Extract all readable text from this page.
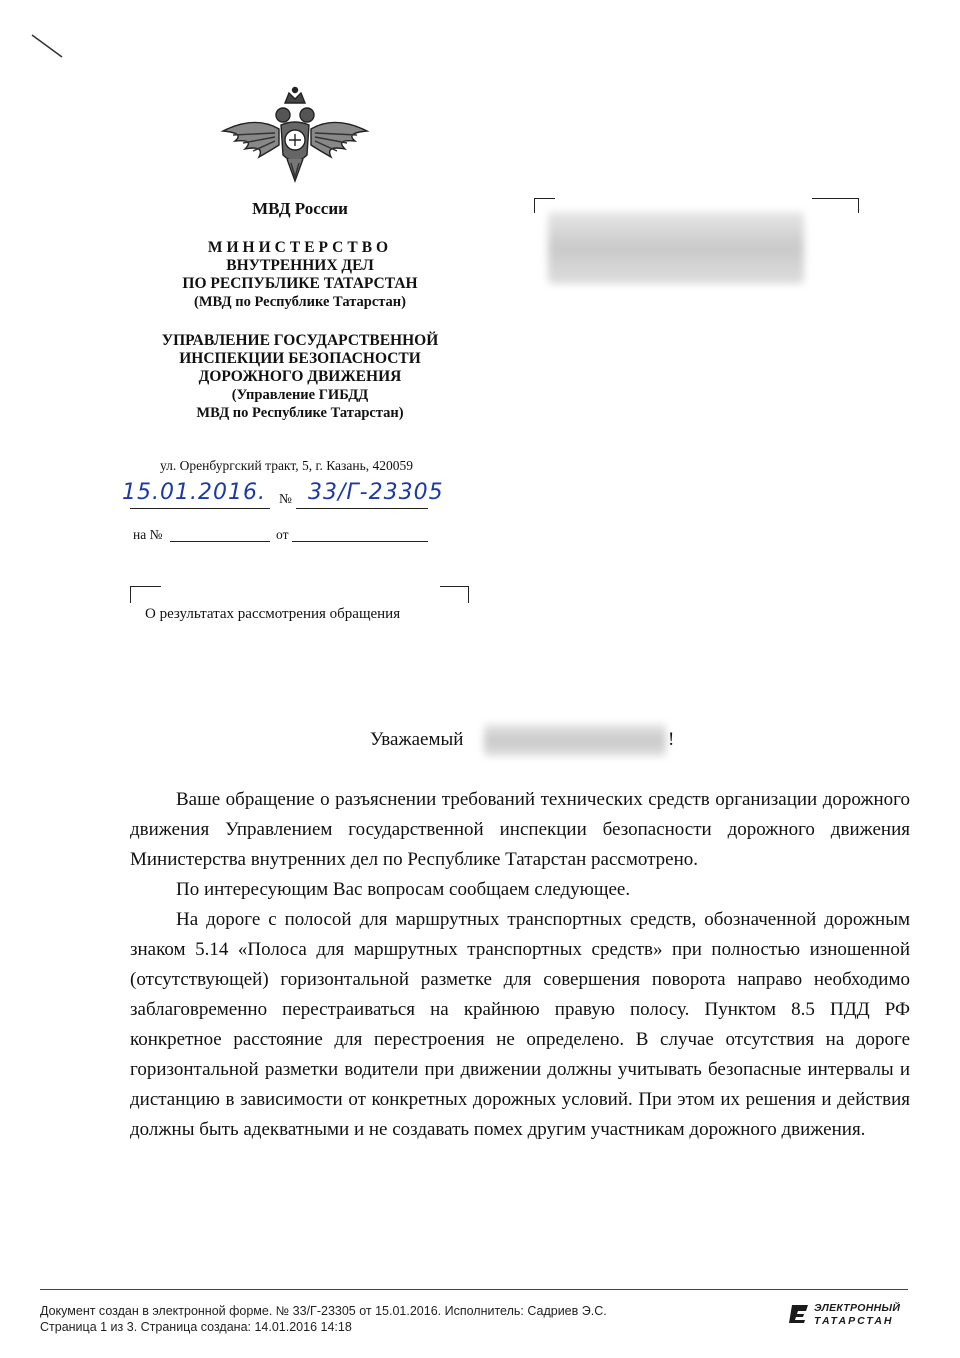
МВД России
МИНИСТЕРСТВО
ВНУТРЕННИХ ДЕЛ
ПО РЕСПУБЛИКЕ ТАТАРСТАН
(МВД по Республике Татарстан)
УПРАВЛЕНИЕ ГОСУДАРСТВЕННОЙ
ИНСПЕКЦИИ БЕЗОПАСНОСТИ
ДОРОЖНОГО ДВИЖЕНИЯ
(Управление ГИБДД
МВД по Республике Татарстан)
ул. Оренбургский тракт, 5, г. Казань, 420059
15.01.2016. № 33/Г-23305
на №	от
О результатах рассмотрения обращения
Уважаемый	!

Ваше обращение о разъяснении требований технических средств организации дорожного движения Управлением государственной инспекции безопасности дорожного движения Министерства внутренних дел по Республике Татарстан рассмотрено.

По интересующим Вас вопросам сообщаем следующее.

На дороге с полосой для маршрутных транспортных средств, обозначенной дорожным знаком 5.14 «Полоса для маршрутных транспортных средств» при полностью изношенной (отсутствующей) горизонтальной разметке для совершения поворота направо необходимо заблаговременно перестраиваться на крайнюю правую полосу. Пунктом 8.5 ПДД РФ конкретное расстояние для перестроения не определено. В случае отсутствия на дороге горизонтальной разметки водители при движении должны учитывать безопасные интервалы и дистанцию в зависимости от конкретных дорожных условий. При этом их решения и действия должны быть адекватными и не создавать помех другим участникам дорожного движения.

Документ создан в электронной форме. № 33/Г-23305 от 15.01.2016. Исполнитель: Садриев Э.С.
Страница 1 из 3. Страница создана: 14.01.2016 14:18
ЭЛЕКТРОННЫЙ
ТАТАРСТАН
